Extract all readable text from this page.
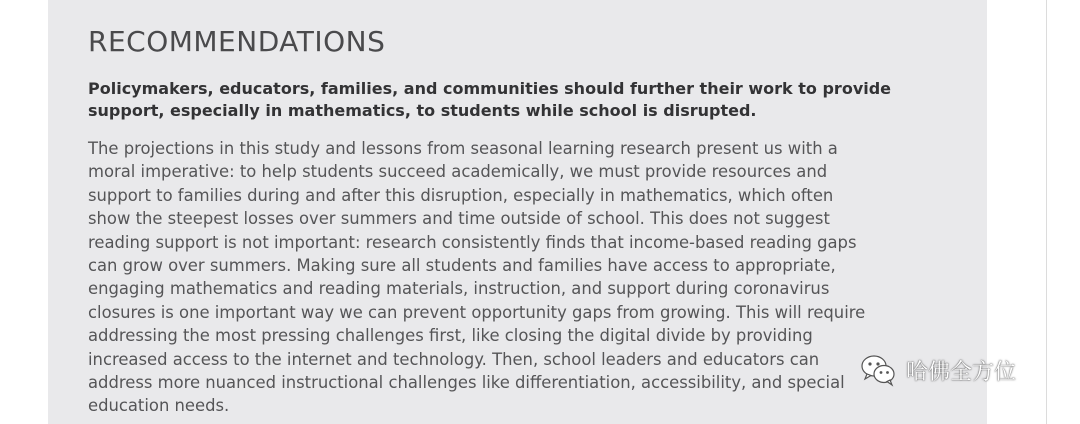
RECOMMENDATIONS

Policymakers, educators, families, and communities should further their work to provide
support, especially in mathematics, to students while school is disrupted.

The projections in this study and lessons from seasonal learning research present us with a
moral imperative: to help students succeed academically, we must provide resources and
support to families during and after this disruption, especially in mathematics, which often
show the steepest losses over summers and time outside of school. This does not suggest
reading support is not important: research consistently finds that income-based reading gaps
can grow over summers. Making sure all students and families have access to appropriate,
engaging mathematics and reading materials, instruction, and support during coronavirus
closures is one important way we can prevent opportunity gaps from growing. This will require
addressing the most pressing challenges first, like closing the digital divide by providing
increased access to the internet and technology. Then, school leaders and educators can
address more nuanced instructional challenges like differentiation, accessibility, and special
education needs.

哈佛全方位
